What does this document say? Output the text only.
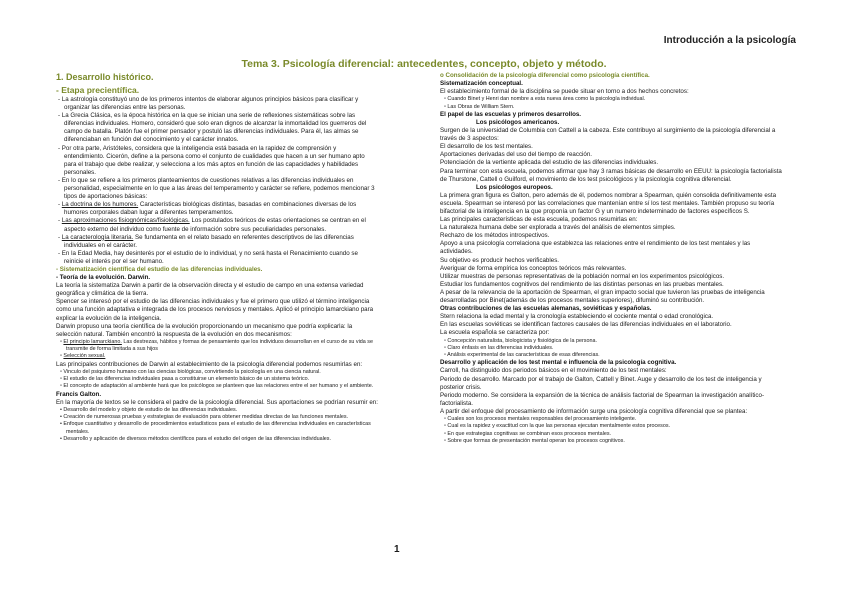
Introducción a la psicología
Tema 3. Psicología diferencial: antecedentes, concepto, objeto y método.
1. Desarrollo histórico.
- Etapa precientífica.

- La astrología constituyó uno de los primeros intentos de elaborar algunos principios básicos para clasificar y organizar las diferencias entre las personas.

- La Grecia Clásica, es la época histórica en la que se inician una serie de reflexiones sistemáticas sobre las diferencias individuales. Homero, consideró que solo eran dignos de alcanzar la inmortalidad los guerreros del campo de batalla. Platón fue el primer pensador y postuló las diferencias individuales. Para él, las almas se diferenciaban en función del conocimiento y el carácter innatos.

- Por otra parte, Aristóteles, considera que la inteligencia está basada en la rapidez de comprensión y entendimiento. Cicerón, define a la persona como el conjunto de cualidades que hacen a un ser humano apto para el trabajo que debe realizar, y selecciona a los más aptos en función de las capacidades y habilidades personales.

- En lo que se refiere a los primeros planteamientos de cuestiones relativas a las diferencias individuales en personalidad, especialmente en lo que a las áreas del temperamento y carácter se refiere, podemos mencionar 3 tipos de aportaciones básicas:

- La doctrina de los humores. Características biológicas distintas, basadas en combinaciones diversas de los humores corporales daban lugar a diferentes temperamentos.

- Las aproximaciones fisiognómicas/fisiológicas. Los postulados teóricos de estas orientaciones se centran en el aspecto externo del individuo como fuente de información sobre sus peculiaridades personales.

- La caracterología literaria. Se fundamenta en el relato basado en referentes descriptivos de las diferencias individuales en el carácter.

- En la Edad Media, hay desinterés por el estudio de lo individual, y no será hasta el Renacimiento cuando se reinicie el interés por el ser humano.

- Sistematización científica del estudio de las diferencias individuales.
- Teoría de la evolución. Darwin.

La teoría la sistematiza Darwin a partir de la observación directa y el estudio de campo en una extensa variedad geográfica y climática de la tierra.

Spencer se interesó por el estudio de las diferencias individuales y fue el primero que utilizó el término inteligencia como una función adaptativa e integrada de los procesos nerviosos y mentales. Aplicó el principio lamarckiano para explicar la evolución de la inteligencia.

Darwin propuso una teoría científica de la evolución proporcionando un mecanismo que podría explicarla: la selección natural. También encontró la respuesta de la evolución en dos mecanismos:

▫ El principio lamarckiano. Las destrezas, hábitos y formas de pensamiento que los individuos desarrollan en el curso de su vida se transmite de forma limitada a sus hijos

▫ Selección sexual.

Las principales contribuciones de Darwin al establecimiento de la psicología diferencial podemos resumirlas en:

▫ Vinculo del psiquismo humano con las ciencias biológicas, convirtiendo la psicología en una ciencia natural.

▫ El estudio de las diferencias individuales pasa a constituirse un elemento básico de un sistema teórico.

▫ El concepto de adaptación al ambiente hará que los psicólogos se planteen que las relaciones entre el ser humano y el ambiente.

Francis Galton.

En la mayoría de textos se le considera el padre de la psicología diferencial. Sus aportaciones se podrían resumir en:

• Desarrollo del modelo y objeto de estudio de las diferencias individuales.

• Creación de numerosas pruebas y estrategias de evaluación para obtener medidas directas de las funciones mentales.

• Enfoque cuantitativo y desarrollo de procedimientos estadísticos para el estudio de las diferencias individuales en características mentales.

• Desarrollo y aplicación de diversos métodos científicos para el estudio del origen de las diferencias individuales.

o Consolidación de la psicología diferencial como psicología científica.
Sistematización conceptual.

El establecimiento formal de la disciplina se puede situar en torno a dos hechos concretos:

▫ Cuando Binet y Henri dan nombre a esta nueva área como la psicología individual.

▫ Las Obras de William Stern.

El papel de las escuelas y primeros desarrollos.
Los psicólogos americanos.

Surgen de la universidad de Columbia con Cattell a la cabeza. Este contribuyo al surgimiento de la psicología diferencial a través de 3 aspectos:

El desarrollo de los test mentales.

Aportaciones derivadas del uso del tiempo de reacción.

Potenciación de la vertiente aplicada del estudio de las diferencias individuales.

Para terminar con esta escuela, podemos afirmar que hay 3 ramas básicas de desarrollo en EEUU: la psicología factorialista de Thurstone, Cattell o Guilford, el movimiento de los test psicológicos y la psicología cognitiva diferencial.

Los psicólogos europeos.

La primera gran figura es Galton, pero además de él, podemos nombrar a Spearman, quién consolida definitivamente esta escuela. Spearman se interesó por las correlaciones que mantenían entre sí los test mentales. También propuso su teoría bifactorial de la inteligencia en la que proponía un factor G y un numero indeterminado de factores específicos S.

Las principales características de esta escuela, podemos resumirlas en:

La naturaleza humana debe ser explorada a través del análisis de elementos simples.

Rechazo de los métodos introspectivos.

Apoyo a una psicología correlaciona que establezca las relaciones entre el rendimiento de los test mentales y las actividades.

Su objetivo es producir hechos verificables.

Averiguar de forma empírica los conceptos teóricos más relevantes.

Utilizar muestras de personas representativas de la población normal en los experimentos psicológicos.

Estudiar los fundamentos cognitivos del rendimiento de las distintas personas en las pruebas mentales.

A pesar de la relevancia de la aportación de Spearman, el gran impacto social que tuvieron las pruebas de inteligencia desarrolladas por Binet(además de los procesos mentales superiores), difuminó su contribución.

Otras contribuciones de las escuelas alemanas, soviéticas y españolas.

Stern relaciona la edad mental y la cronología estableciendo el cociente mental o edad cronológica.

En las escuelas soviéticas se identifican factores causales de las diferencias individuales en el laboratorio.

La escuela española se caracteriza por:

▫ Concepción naturalista, biologicista y fisiológica de la persona.

▫ Claro énfasis en las diferencias individuales.

▫ Análisis experimental de las características de esas diferencias.

Desarrollo y aplicación de los test mental e influencia de la psicología cognitiva.

Carroll, ha distinguido dos periodos básicos en el movimiento de los test mentales:

Periodo de desarrollo. Marcado por el trabajo de Galton, Cattell y Binet. Auge y desarrollo de los test de inteligencia y posterior crisis.

Periodo moderno. Se considera la expansión de la técnica de análisis factorial de Spearman la investigación analítico-factorialista.

A partir del enfoque del procesamiento de información surge una psicología cognitiva diferencial que se plantea:

▫ Cuales son los procesos mentales responsables del procesamiento inteligente.

▫ Cual es la rapidez y exactitud con la que las personas ejecutan mentalmente estos procesos.

▫ En que estrategias cognitivas se combinan esos procesos mentales.

▫ Sobre que formas de presentación mental operan los procesos cognitivos.

1
